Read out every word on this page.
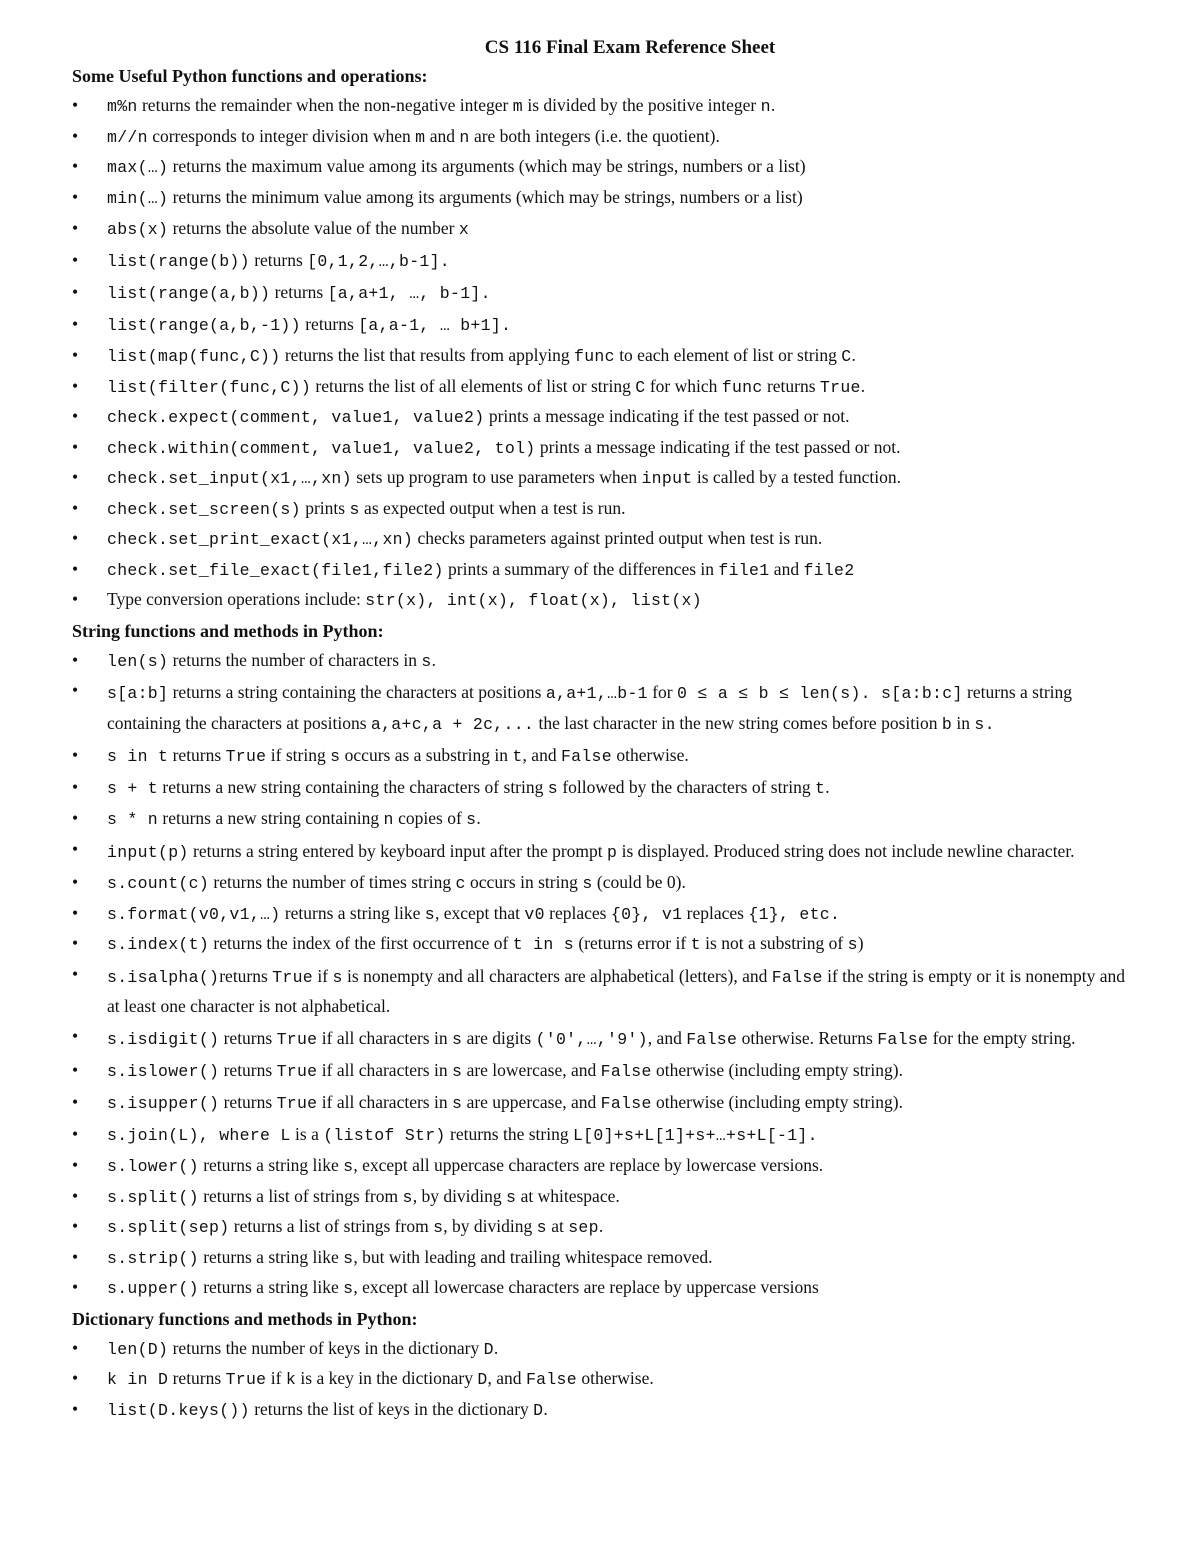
CS 116 Final Exam Reference Sheet
Some Useful Python functions and operations:
•	m%n returns the remainder when the non-negative integer m is divided by the positive integer n.
•	m//n corresponds to integer division when m and n are both integers (i.e. the quotient).
•	max(…) returns the maximum value among its arguments (which may be strings, numbers or a list)
•	min(…) returns the minimum value among its arguments (which may be strings, numbers or a list)
•	abs(x) returns the absolute value of the number x
•	list(range(b)) returns [0,1,2,…,b-1].
•	list(range(a,b)) returns [a,a+1, …, b-1].
•	list(range(a,b,-1)) returns [a,a-1, … b+1].
•	list(map(func,C)) returns the list that results from applying func to each element of list or string C.
•	list(filter(func,C)) returns the list of all elements of list or string C for which func returns True.
•	check.expect(comment, value1, value2) prints a message indicating if the test passed or not.
•	check.within(comment, value1, value2, tol) prints a message indicating if the test passed or not.
•	check.set_input(x1,…,xn) sets up program to use parameters when input is called by a tested function.
•	check.set_screen(s) prints s as expected output when a test is run.
•	check.set_print_exact(x1,…,xn) checks parameters against printed output when test is run.
•	check.set_file_exact(file1,file2) prints a summary of the differences in file1 and file2
•	Type conversion operations include: str(x), int(x), float(x), list(x)
String functions and methods in Python:
•	len(s) returns the number of characters in s.
•	s[a:b] returns a string containing the characters at positions a,a+1,…b-1 for 0 ≤ a ≤ b ≤ len(s). s[a:b:c] returns a string containing the characters at positions a,a+c,a + 2c,... the last character in the new string comes before position b in s.
•	s in t returns True if string s occurs as a substring in t, and False otherwise.
•	s + t returns a new string containing the characters of string s followed by the characters of string t.
•	s * n returns a new string containing n copies of s.
•	input(p) returns a string entered by keyboard input after the prompt p is displayed. Produced string does not include newline character.
•	s.count(c) returns the number of times string c occurs in string s (could be 0).
•	s.format(v0,v1,…) returns a string like s, except that v0 replaces {0}, v1 replaces {1}, etc.
•	s.index(t) returns the index of the first occurrence of t in s (returns error if t is not a substring of s)
•	s.isalpha()returns True if s is nonempty and all characters are alphabetical (letters), and False if the string is empty or it is nonempty and at least one character is not alphabetical.
•	s.isdigit() returns True if all characters in s are digits ('0',…,'9'), and False otherwise. Returns False for the empty string.
•	s.islower() returns True if all characters in s are lowercase, and False otherwise (including empty string).
•	s.isupper() returns True if all characters in s are uppercase, and False otherwise (including empty string).
•	s.join(L), where L is a (listof Str) returns the string L[0]+s+L[1]+s+…+s+L[-1].
•	s.lower() returns a string like s, except all uppercase characters are replace by lowercase versions.
•	s.split() returns a list of strings from s, by dividing s at whitespace.
•	s.split(sep) returns a list of strings from s, by dividing s at sep.
•	s.strip() returns a string like s, but with leading and trailing whitespace removed.
•	s.upper() returns a string like s, except all lowercase characters are replace by uppercase versions
Dictionary functions and methods in Python:
•	len(D) returns the number of keys in the dictionary D.
•	k in D returns True if k is a key in the dictionary D, and False otherwise.
•	list(D.keys()) returns the list of keys in the dictionary D.
